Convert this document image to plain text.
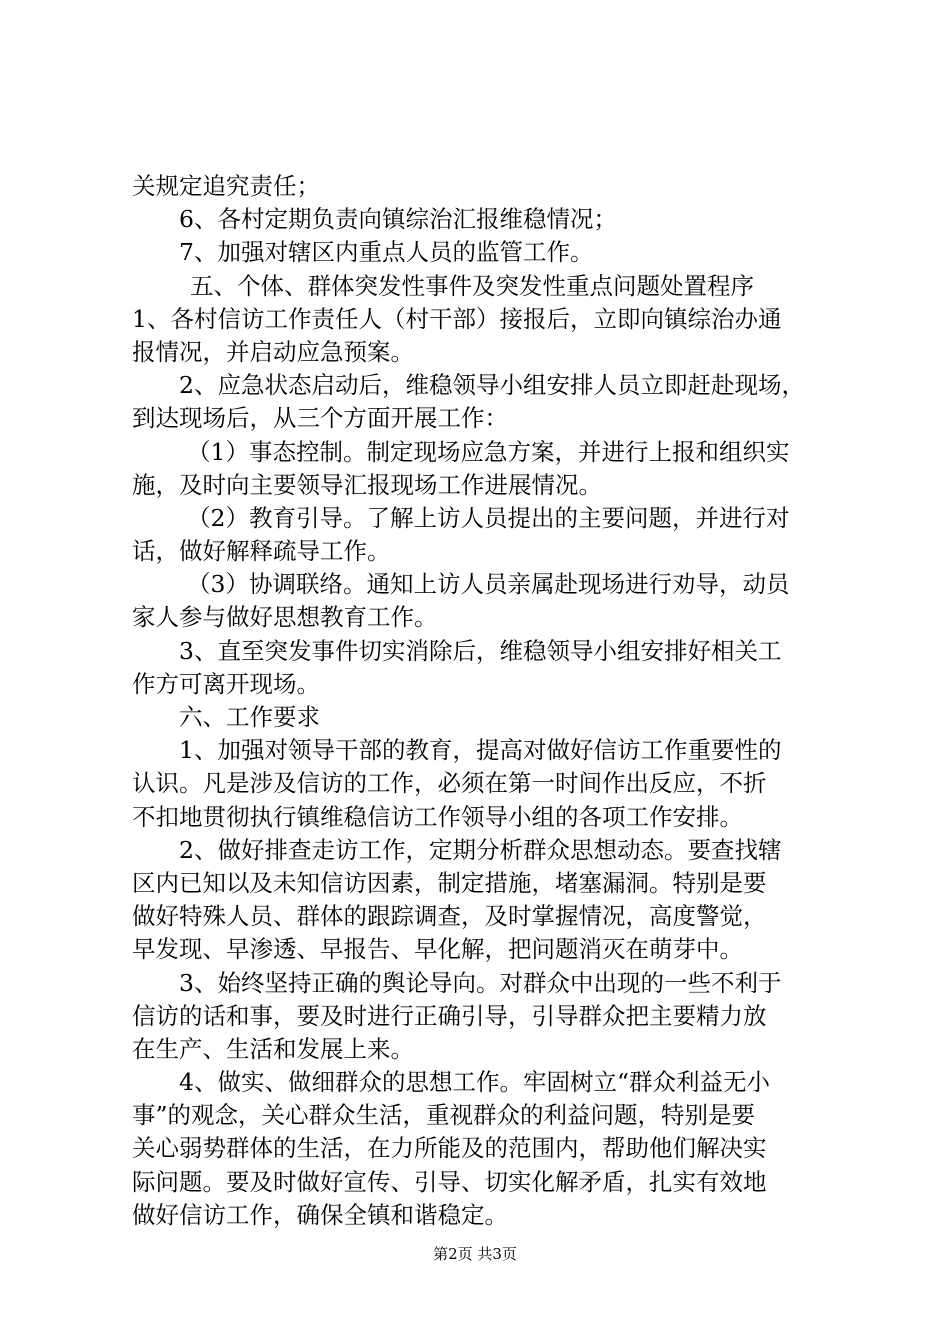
关规定追究责任；
6、各村定期负责向镇综治汇报维稳情况；
7、加强对辖区内重点人员的监管工作。
五、个体、群体突发性事件及突发性重点问题处置程序
1、各村信访工作责任人（村干部）接报后，立即向镇综治办通
报情况，并启动应急预案。
2、应急状态启动后，维稳领导小组安排人员立即赶赴现场，
到达现场后，从三个方面开展工作：
（1）事态控制。制定现场应急方案，并进行上报和组织实
施，及时向主要领导汇报现场工作进展情况。
（2）教育引导。了解上访人员提出的主要问题，并进行对
话，做好解释疏导工作。
（3）协调联络。通知上访人员亲属赴现场进行劝导，动员
家人参与做好思想教育工作。
3、直至突发事件切实消除后，维稳领导小组安排好相关工
作方可离开现场。
六、工作要求
1、加强对领导干部的教育，提高对做好信访工作重要性的
认识。凡是涉及信访的工作，必须在第一时间作出反应，不折
不扣地贯彻执行镇维稳信访工作领导小组的各项工作安排。
2、做好排查走访工作，定期分析群众思想动态。要查找辖
区内已知以及未知信访因素，制定措施，堵塞漏洞。特别是要
做好特殊人员、群体的跟踪调查，及时掌握情况，高度警觉，
早发现、早渗透、早报告、早化解，把问题消灭在萌芽中。
3、始终坚持正确的舆论导向。对群众中出现的一些不利于
信访的话和事，要及时进行正确引导，引导群众把主要精力放
在生产、生活和发展上来。
4、做实、做细群众的思想工作。牢固树立“群众利益无小
事”的观念，关心群众生活，重视群众的利益问题，特别是要
关心弱势群体的生活，在力所能及的范围内，帮助他们解决实
际问题。要及时做好宣传、引导、切实化解矛盾，扎实有效地
做好信访工作，确保全镇和谐稳定。
第2页 共3页
